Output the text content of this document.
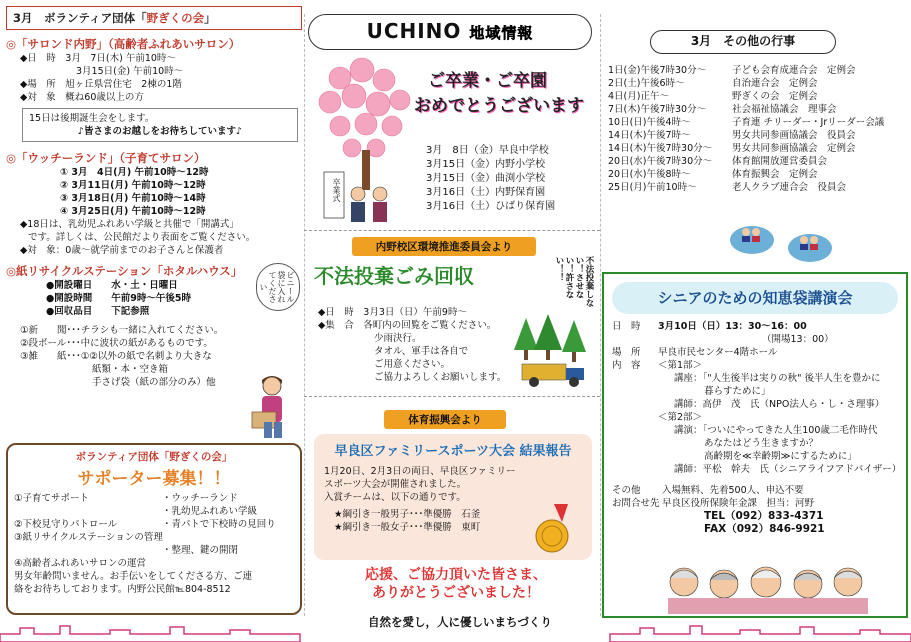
3月　ボランティア団体「野ぎくの会」
◎「サロンド内野」（高齢者ふれあいサロン）
◆日　時　3月　7日(木) 午前10時～
3月15日(金) 午前10時～
◆場　所　旭ヶ丘県営住宅　2棟の1階
◆対　象　概ね60歳以上の方
15日は後期誕生会をします。
♪皆さまのお越しをお待ちしています♪
◎「ウッチーランド」（子育てサロン）
① 3月　4日(月) 午前10時～12時
② 3月11日(月) 午前10時～12時
③ 3月18日(月) 午前10時～14時
④ 3月25日(月) 午前10時～12時
◆18日は、乳幼児ふれあい学級と共催で「開講式」
です。詳しくは、公民館だより表面をご覧ください。
◆対　象：0歳～就学前までのお子さんと保護者
◎紙リサイクルステーション「ホタルハウス」
●開設曜日　　水・土・日曜日
●開設時間　　午前9時～午後5時
●回収品目　　下記参照
ビニール袋に入れてください
①新　　聞･･･チラシも一緒に入れてください。
②段ボール･･･中に波状の紙があるものです。
③雑　　紙･･･①②以外の紙で名刺より大きな
紙類・本・空き箱
手さげ袋（紙の部分のみ）他
ボランティア団体「野ぎくの会」
サポーター募集！！
①子育てサポート	・ウッチーランド
・乳幼児ふれあい学級
②下校見守りパトロール	・青パトで下校時の見回り
③紙リサイクルステーションの管理
・整理、鍵の開閉
④高齢者ふれあいサロンの運営
男女年齢問いません。お手伝いをしてくださる方、ご連
絡をお待ちしております。内野公民館℡804-8512
UCHINO 地域情報
卒業式
ご卒業・ご卒園
おめでとうございます
3月　8日（金）早良中学校
3月15日（金）内野小学校
3月15日（金）曲渕小学校
3月16日（土）内野保育園
3月16日（土）ひばり保育園
内野校区環境推進委員会より
不法投棄ごみ回収	不法投棄しない！させない！許さない！！
◆日　時　3月3日（日）午前9時～
◆集　合　各町内の回覧をご覧ください。
少雨決行。
タオル、軍手は各自で
ご用意ください。
ご協力よろしくお願いします。
体育振興会より
早良区ファミリースポーツ大会 結果報告
1月20日、2月3日の両日、早良区ファミリー
スポーツ大会が開催されました。
入賞チームは、以下の通りです。
★綱引き一般男子･･･準優勝　石釜
★綱引き一般女子･･･準優勝　東町
応援、ご協力頂いた皆さま、
ありがとうございました！
3月　その他の行事
1日(金)午後7時30分～	子ども会育成連合会　定例会
2日(土)午後6時～	自治連合会　定例会
4日(月)正午～	野ぎくの会　定例会
7日(木)午後7時30分～	社会福祉協議会　理事会
10日(日)午後4時～	子育連 チリーダー・Jrリーダー会議
14日(木)午後7時～	男女共同参画協議会　役員会
14日(木)午後7時30分～	男女共同参画協議会　定例会
20日(水)午後7時30分～	体育館開放運営委員会
20日(水)午後8時～	体育振興会　定例会
25日(月)午前10時～	老人クラブ連合会　役員会
シニアのための知恵袋講演会
日　時	3月10日（日）13：30～16：00
（開場13：00）
場　所	早良市民センター4階ホール
内　容	＜第1部＞
講座：「"人生後半は実りの秋" 後半人生を豊かに
暮らすために」
講師：高伊　茂　氏（NPO法人ら・し・さ理事）
＜第2部＞
講演：「ついにやってきた人生100歳二毛作時代
あなたはどう生きますか？
高齢期を≪幸齢期≫にするために」
講師：平松　幹夫　氏（シニアライフアドバイザー）
その他	入場無料、先着500人、申込不要
お問合せ先 早良区役所保険年金課　担当：河野
TEL（092）833-4371
FAX（092）846-9921
自然を愛し，人に優しいまちづくり
